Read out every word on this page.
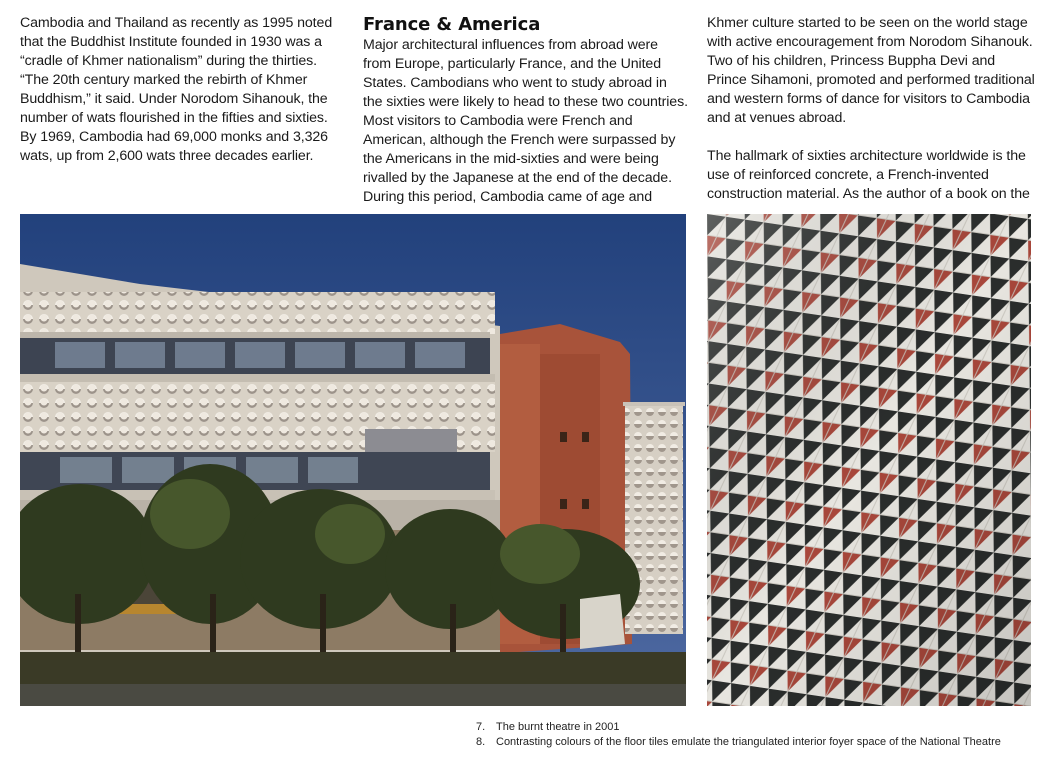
Cambodia and Thailand as recently as 1995 noted that the Buddhist Institute founded in 1930 was a “cradle of Khmer nationalism” during the thirties. “The 20th century marked the rebirth of Khmer Buddhism,” it said. Under Norodom Sihanouk, the number of wats flourished in the fifties and sixties. By 1969, Cambodia had 69,000 monks and 3,326 wats, up from 2,600 wats three decades earlier.

France & America

Major architectural influences from abroad were from Europe, particularly France, and the United States. Cambodians who went to study abroad in the sixties were likely to head to these two countries. Most visitors to Cambodia were French and American, although the French were surpassed by the Americans in the mid-sixties and were being rivalled by the Japanese at the end of the decade. During this period, Cambodia came of age and

Khmer culture started to be seen on the world stage with active encouragement from Norodom Sihanouk. Two of his children, Princess Buppha Devi and Prince Sihamoni, promoted and performed traditional and western forms of dance for visitors to Cambodia and at venues abroad.

The hallmark of sixties architecture worldwide is the use of reinforced concrete, a French-invented construction material. As the author of a book on the

7. The burnt theatre in 2001
8. Contrasting colours of the floor tiles emulate the triangulated interior foyer space of the National Theatre
